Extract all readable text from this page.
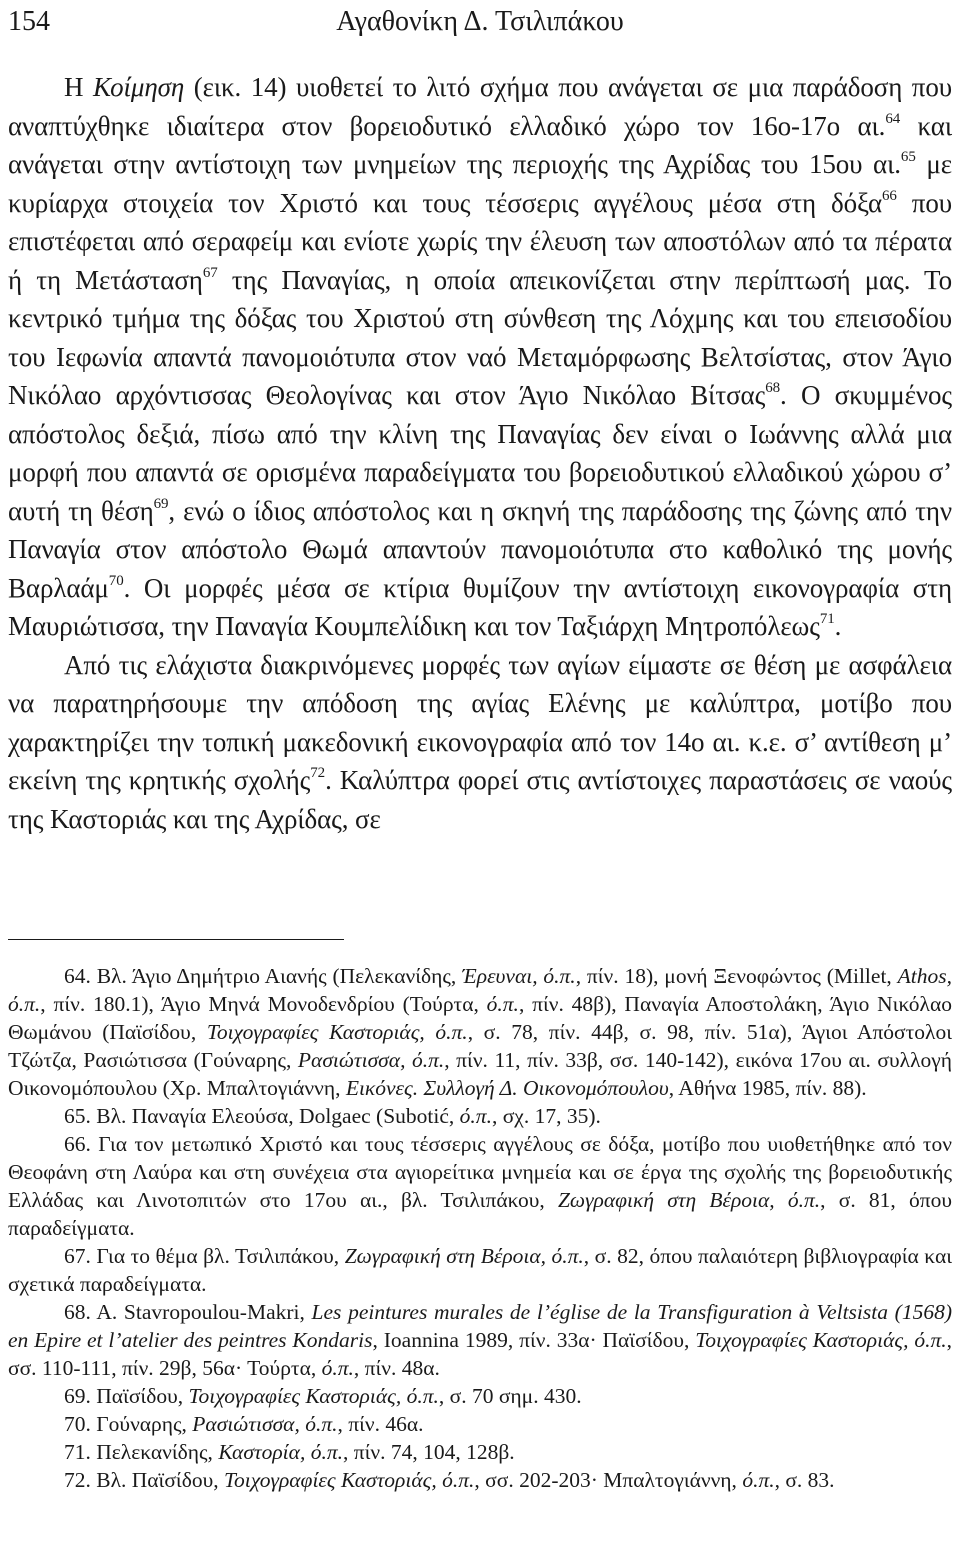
154	Αγαθονίκη Δ. Τσιλιπάκου

Η Κοίμηση (εικ. 14) υιοθετεί το λιτό σχήμα που ανάγεται σε μια παράδοση που αναπτύχθηκε ιδιαίτερα στον βορειοδυτικό ελλαδικό χώρο τον 16ο-17ο αι.$^{64}$ και ανάγεται στην αντίστοιχη των μνημείων της περιοχής της Αχρίδας του 15ου αι.$^{65}$ με κυρίαρχα στοιχεία τον Χριστό και τους τέσσερις αγγέλους μέσα στη δόξα$^{66}$ που επιστέφεται από σεραφείμ και ενίοτε χωρίς την έλευση των αποστόλων από τα πέρατα ή τη Μετάσταση$^{67}$ της Παναγίας, η οποία απεικονίζεται στην περίπτωσή μας. Το κεντρικό τμήμα της δόξας του Χριστού στη σύνθεση της Λόχμης και του επεισοδίου του Ιεφωνία απαντά πανομοιότυπα στον ναό Μεταμόρφωσης Βελτσίστας, στον Άγιο Νικόλαο αρχόντισσας Θεολογίνας και στον Άγιο Νικόλαο Βίτσας$^{68}$. Ο σκυμμένος απόστολος δεξιά, πίσω από την κλίνη της Παναγίας δεν είναι ο Ιωάννης αλλά μια μορφή που απαντά σε ορισμένα παραδείγματα του βορειοδυτικού ελλαδικού χώρου σ’ αυτή τη θέση$^{69}$, ενώ ο ίδιος απόστολος και η σκηνή της παράδοσης της ζώνης από την Παναγία στον απόστολο Θωμά απαντούν πανομοιότυπα στο καθολικό της μονής Βαρλαάμ$^{70}$. Οι μορφές μέσα σε κτίρια θυμίζουν την αντίστοιχη εικονογραφία στη Μαυριώτισσα, την Παναγία Κουμπελίδικη και τον Ταξιάρχη Μητροπόλεως$^{71}$.

Από τις ελάχιστα διακρινόμενες μορφές των αγίων είμαστε σε θέση με ασφάλεια να παρατηρήσουμε την απόδοση της αγίας Ελένης με καλύπτρα, μοτίβο που χαρακτηρίζει την τοπική μακεδονική εικονογραφία από τον 14ο αι. κ.ε. σ’ αντίθεση μ’ εκείνη της κρητικής σχολής$^{72}$. Καλύπτρα φορεί στις αντίστοιχες παραστάσεις σε ναούς της Καστοριάς και της Αχρίδας, σε

64. Βλ. Άγιο Δημήτριο Αιανής (Πελεκανίδης, Έρευναι, ό.π., πίν. 18), μονή Ξενοφώντος (Millet, Athos, ό.π., πίν. 180.1), Άγιο Μηνά Μονοδενδρίου (Τούρτα, ό.π., πίν. 48β), Παναγία Αποστολάκη, Άγιο Νικόλαο Θωμάνου (Παϊσίδου, Τοιχογραφίες Καστοριάς, ό.π., σ. 78, πίν. 44β, σ. 98, πίν. 51α), Άγιοι Απόστολοι Τζώτζα, Ρασιώτισσα (Γούναρης, Ρασιώτισσα, ό.π., πίν. 11, πίν. 33β, σσ. 140-142), εικόνα 17ου αι. συλλογή Οικονομόπουλου (Χρ. Μπαλτογιάννη, Εικόνες. Συλλογή Δ. Οικονομόπουλου, Αθήνα 1985, πίν. 88).

65. Βλ. Παναγία Ελεούσα, Dolgaec (Subotić, ό.π., σχ. 17, 35).

66. Για τον μετωπικό Χριστό και τους τέσσερις αγγέλους σε δόξα, μοτίβο που υιοθετήθηκε από τον Θεοφάνη στη Λαύρα και στη συνέχεια στα αγιορείτικα μνημεία και σε έργα της σχολής της βορειοδυτικής Ελλάδας και Λινοτοπιτών στο 17ου αι., βλ. Τσιλιπάκου, Ζωγραφική στη Βέροια, ό.π., σ. 81, όπου παραδείγματα.

67. Για το θέμα βλ. Τσιλιπάκου, Ζωγραφική στη Βέροια, ό.π., σ. 82, όπου παλαιότερη βιβλιογραφία και σχετικά παραδείγματα.

68. A. Stavropoulou-Makri, Les peintures murales de l’église de la Transfiguration à Veltsista (1568) en Epire et l’atelier des peintres Kondaris, Ioannina 1989, πίν. 33α· Παϊσίδου, Τοιχογραφίες Καστοριάς, ό.π., σσ. 110-111, πίν. 29β, 56α· Τούρτα, ό.π., πίν. 48α.

69. Παϊσίδου, Τοιχογραφίες Καστοριάς, ό.π., σ. 70 σημ. 430.

70. Γούναρης, Ρασιώτισσα, ό.π., πίν. 46α.

71. Πελεκανίδης, Καστορία, ό.π., πίν. 74, 104, 128β.

72. Βλ. Παϊσίδου, Τοιχογραφίες Καστοριάς, ό.π., σσ. 202-203· Μπαλτογιάννη, ό.π., σ. 83.
